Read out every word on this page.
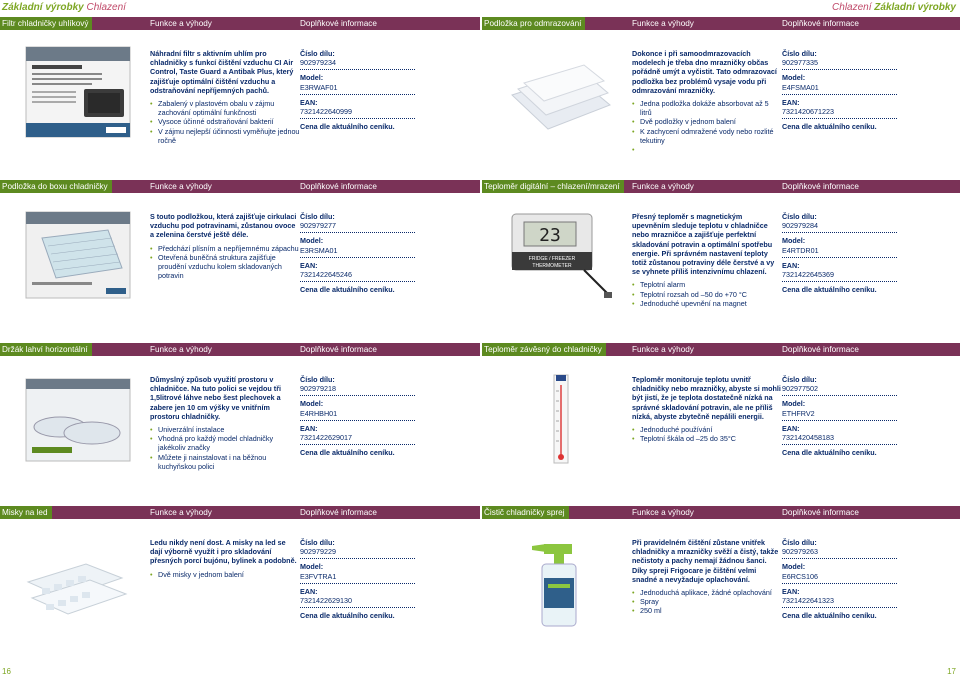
Základní výrobky Chlazení	Chlazení Základní výrobky
Filtr chladničky uhlíkový	Funkce a výhody	Doplňkové informace
Náhradní filtr s aktivním uhlím pro chladničky s funkcí čištění vzduchu CI Air Control, Taste Guard a Antibak Plus, který zajišťuje optimální čištění vzduchu a odstraňování nepříjemných pachů.
• Zabalený v plastovém obalu v zájmu zachování optimální funkčnosti
• Vysoce účinné odstraňování bakterií
• V zájmu nejlepší účinnosti vyměňujte jednou ročně
Číslo dílu:
902979234
Model:
E3RWAF01
EAN:
7321422640999
Cena dle aktuálního ceníku.
Podložka pro odmrazování	Funkce a výhody	Doplňkové informace
Dokonce i při samoodmrazovacích modelech je třeba dno mrazničky občas pořádně umýt a vyčistit. Tato odmrazovací podložka bez problémů vysaje vodu při odmrazování mrazničky.
• Jedna podložka dokáže absorbovat až 5 litrů
• Dvě podložky v jednom balení
• K zachycení odmražené vody nebo rozlité tekutiny
Číslo dílu:
902977335
Model:
E4FSMA01
EAN:
7321420671223
Cena dle aktuálního ceníku.
Podložka do boxu chladničky	Funkce a výhody	Doplňkové informace
S touto podložkou, která zajišťuje cirkulaci vzduchu pod potravinami, zůstanou ovoce a zelenina čerstvé ještě déle.
• Předchází plísním a nepříjemnému zápachu
• Otevřená buněčná struktura zajišťuje proudění vzduchu kolem skladovaných potravin
Číslo dílu:
902979277
Model:
E3RSMA01
EAN:
7321422645246
Cena dle aktuálního ceníku.
Teploměr digitální – chlazení/mrazení	Funkce a výhody	Doplňkové informace
23
FRIDGE / FREEZER
THERMOMETER
Přesný teploměr s magnetickým upevněním sleduje teplotu v chladničce nebo mrazničce a zajišťuje perfektní skladování potravin a optimální spotřebu energie. Při správném nastavení teploty totiž zůstanou potraviny déle čerstvé a vy se vyhnete příliš intenzivnímu chlazení.
• Teplotní alarm
• Teplotní rozsah od –50 do +70 °C
• Jednoduché upevnění na magnet
Číslo dílu:
902979284
Model:
E4RTDR01
EAN:
7321422645369
Cena dle aktuálního ceníku.
Držák lahví horizontální	Funkce a výhody	Doplňkové informace
Důmyslný způsob využití prostoru v chladničce. Na tuto polici se vejdou tři 1,5litrové láhve nebo šest plechovek a zabere jen 10 cm výšky ve vnitřním prostoru chladničky.
• Univerzální instalace
• Vhodná pro každý model chladničky jakékoliv značky
• Můžete ji nainstalovat i na běžnou kuchyňskou polici
Číslo dílu:
902979218
Model:
E4RHBH01
EAN:
7321422629017
Cena dle aktuálního ceníku.
Teploměr závěsný do chladničky	Funkce a výhody	Doplňkové informace
Teploměr monitoruje teplotu uvnitř chladničky nebo mrazničky, abyste si mohli být jistí, že je teplota dostatečně nízká na správné skladování potravin, ale ne příliš nízká, abyste zbytečně nepálili energii.
• Jednoduché používání
• Teplotní škála od –25 do 35°C
Číslo dílu:
902977502
Model:
ETHFRV2
EAN:
7321420458183
Cena dle aktuálního ceníku.
Misky na led	Funkce a výhody	Doplňkové informace
Ledu nikdy není dost. A misky na led se dají výborně využít i pro skladování přesných porcí bujónu, bylinek a podobně.
• Dvě misky v jednom balení
Číslo dílu:
902979229
Model:
E3FVTRA1
EAN:
7321422629130
Cena dle aktuálního ceníku.
Čistič chladničky sprej	Funkce a výhody	Doplňkové informace
Při pravidelném čištění zůstane vnitřek chladničky a mrazničky svěží a čistý, takže nečistoty a pachy nemají žádnou šanci. Díky spreji Frigocare je čištění velmi snadné a nevyžaduje oplachování.
• Jednoduchá aplikace, žádné oplachování
• Spray
• 250 ml
Číslo dílu:
902979263
Model:
E6RCS106
EAN:
7321422641323
Cena dle aktuálního ceníku.
16	17
